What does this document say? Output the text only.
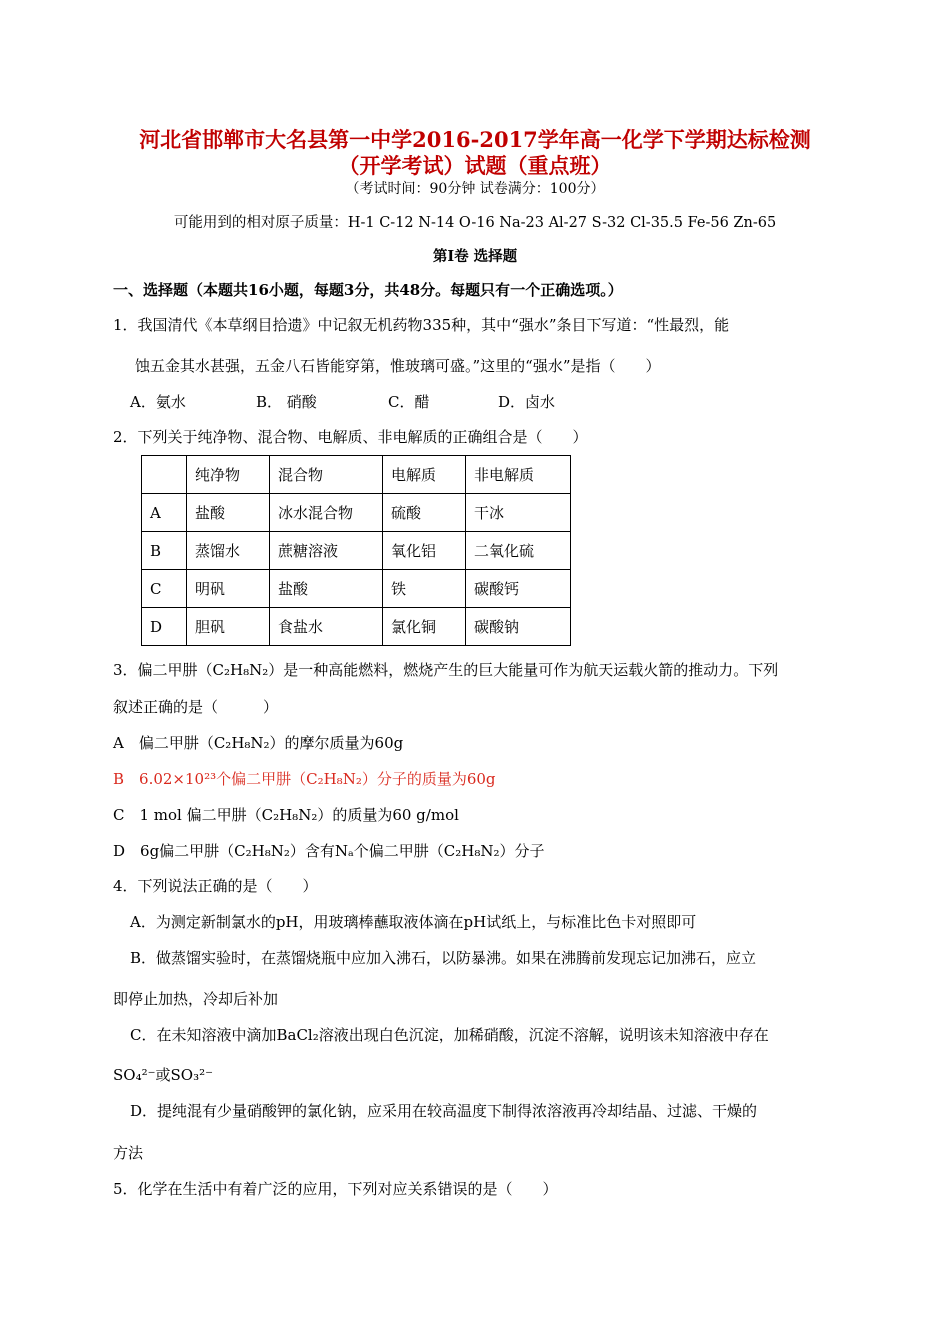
河北省邯郸市大名县第一中学2016-2017学年高一化学下学期达标检测
（开学考试）试题（重点班）
（考试时间：90分钟 试卷满分：100分）
可能用到的相对原子质量：H-1 C-12 N-14 O-16 Na-23 Al-27 S-32 Cl-35.5 Fe-56 Zn-65
第Ⅰ卷 选择题
一、选择题（本题共16小题，每题3分，共48分。每题只有一个正确选项。）
1．我国清代《本草纲目拾遗》中记叙无机药物335种，其中“强水”条目下写道：“性最烈，能
蚀五金其水甚强，五金八石皆能穿第，惟玻璃可盛。”这里的“强水”是指（　　）
A．氨水	B． 硝酸	C．醋	D．卤水
2．下列关于纯净物、混合物、电解质、非电解质的正确组合是（　　）
	纯净物	混合物	电解质	非电解质
A	盐酸	冰水混合物	硫酸	干冰
B	蒸馏水	蔗糖溶液	氧化铝	二氧化硫
C	明矾	盐酸	铁	碳酸钙
D	胆矾	食盐水	氯化铜	碳酸钠
3．偏二甲肼（C₂H₈N₂）是一种高能燃料，燃烧产生的巨大能量可作为航天运载火箭的推动力。下列
叙述正确的是（　　　）
A　偏二甲肼（C₂H₈N₂）的摩尔质量为60g
B　6.02×10²³个偏二甲肼（C₂H₈N₂）分子的质量为60g
C　1 mol 偏二甲肼（C₂H₈N₂）的质量为60 g/mol
D　6g偏二甲肼（C₂H₈N₂）含有Nₐ个偏二甲肼（C₂H₈N₂）分子
4．下列说法正确的是（　　）
A．为测定新制氯水的pH，用玻璃棒蘸取液体滴在pH试纸上，与标准比色卡对照即可
B．做蒸馏实验时，在蒸馏烧瓶中应加入沸石，以防暴沸。如果在沸腾前发现忘记加沸石，应立
即停止加热，冷却后补加
C．在未知溶液中滴加BaCl₂溶液出现白色沉淀，加稀硝酸，沉淀不溶解，说明该未知溶液中存在
SO₄²⁻或SO₃²⁻
D．提纯混有少量硝酸钾的氯化钠，应采用在较高温度下制得浓溶液再冷却结晶、过滤、干燥的
方法
5．化学在生活中有着广泛的应用，下列对应关系错误的是（　　）
